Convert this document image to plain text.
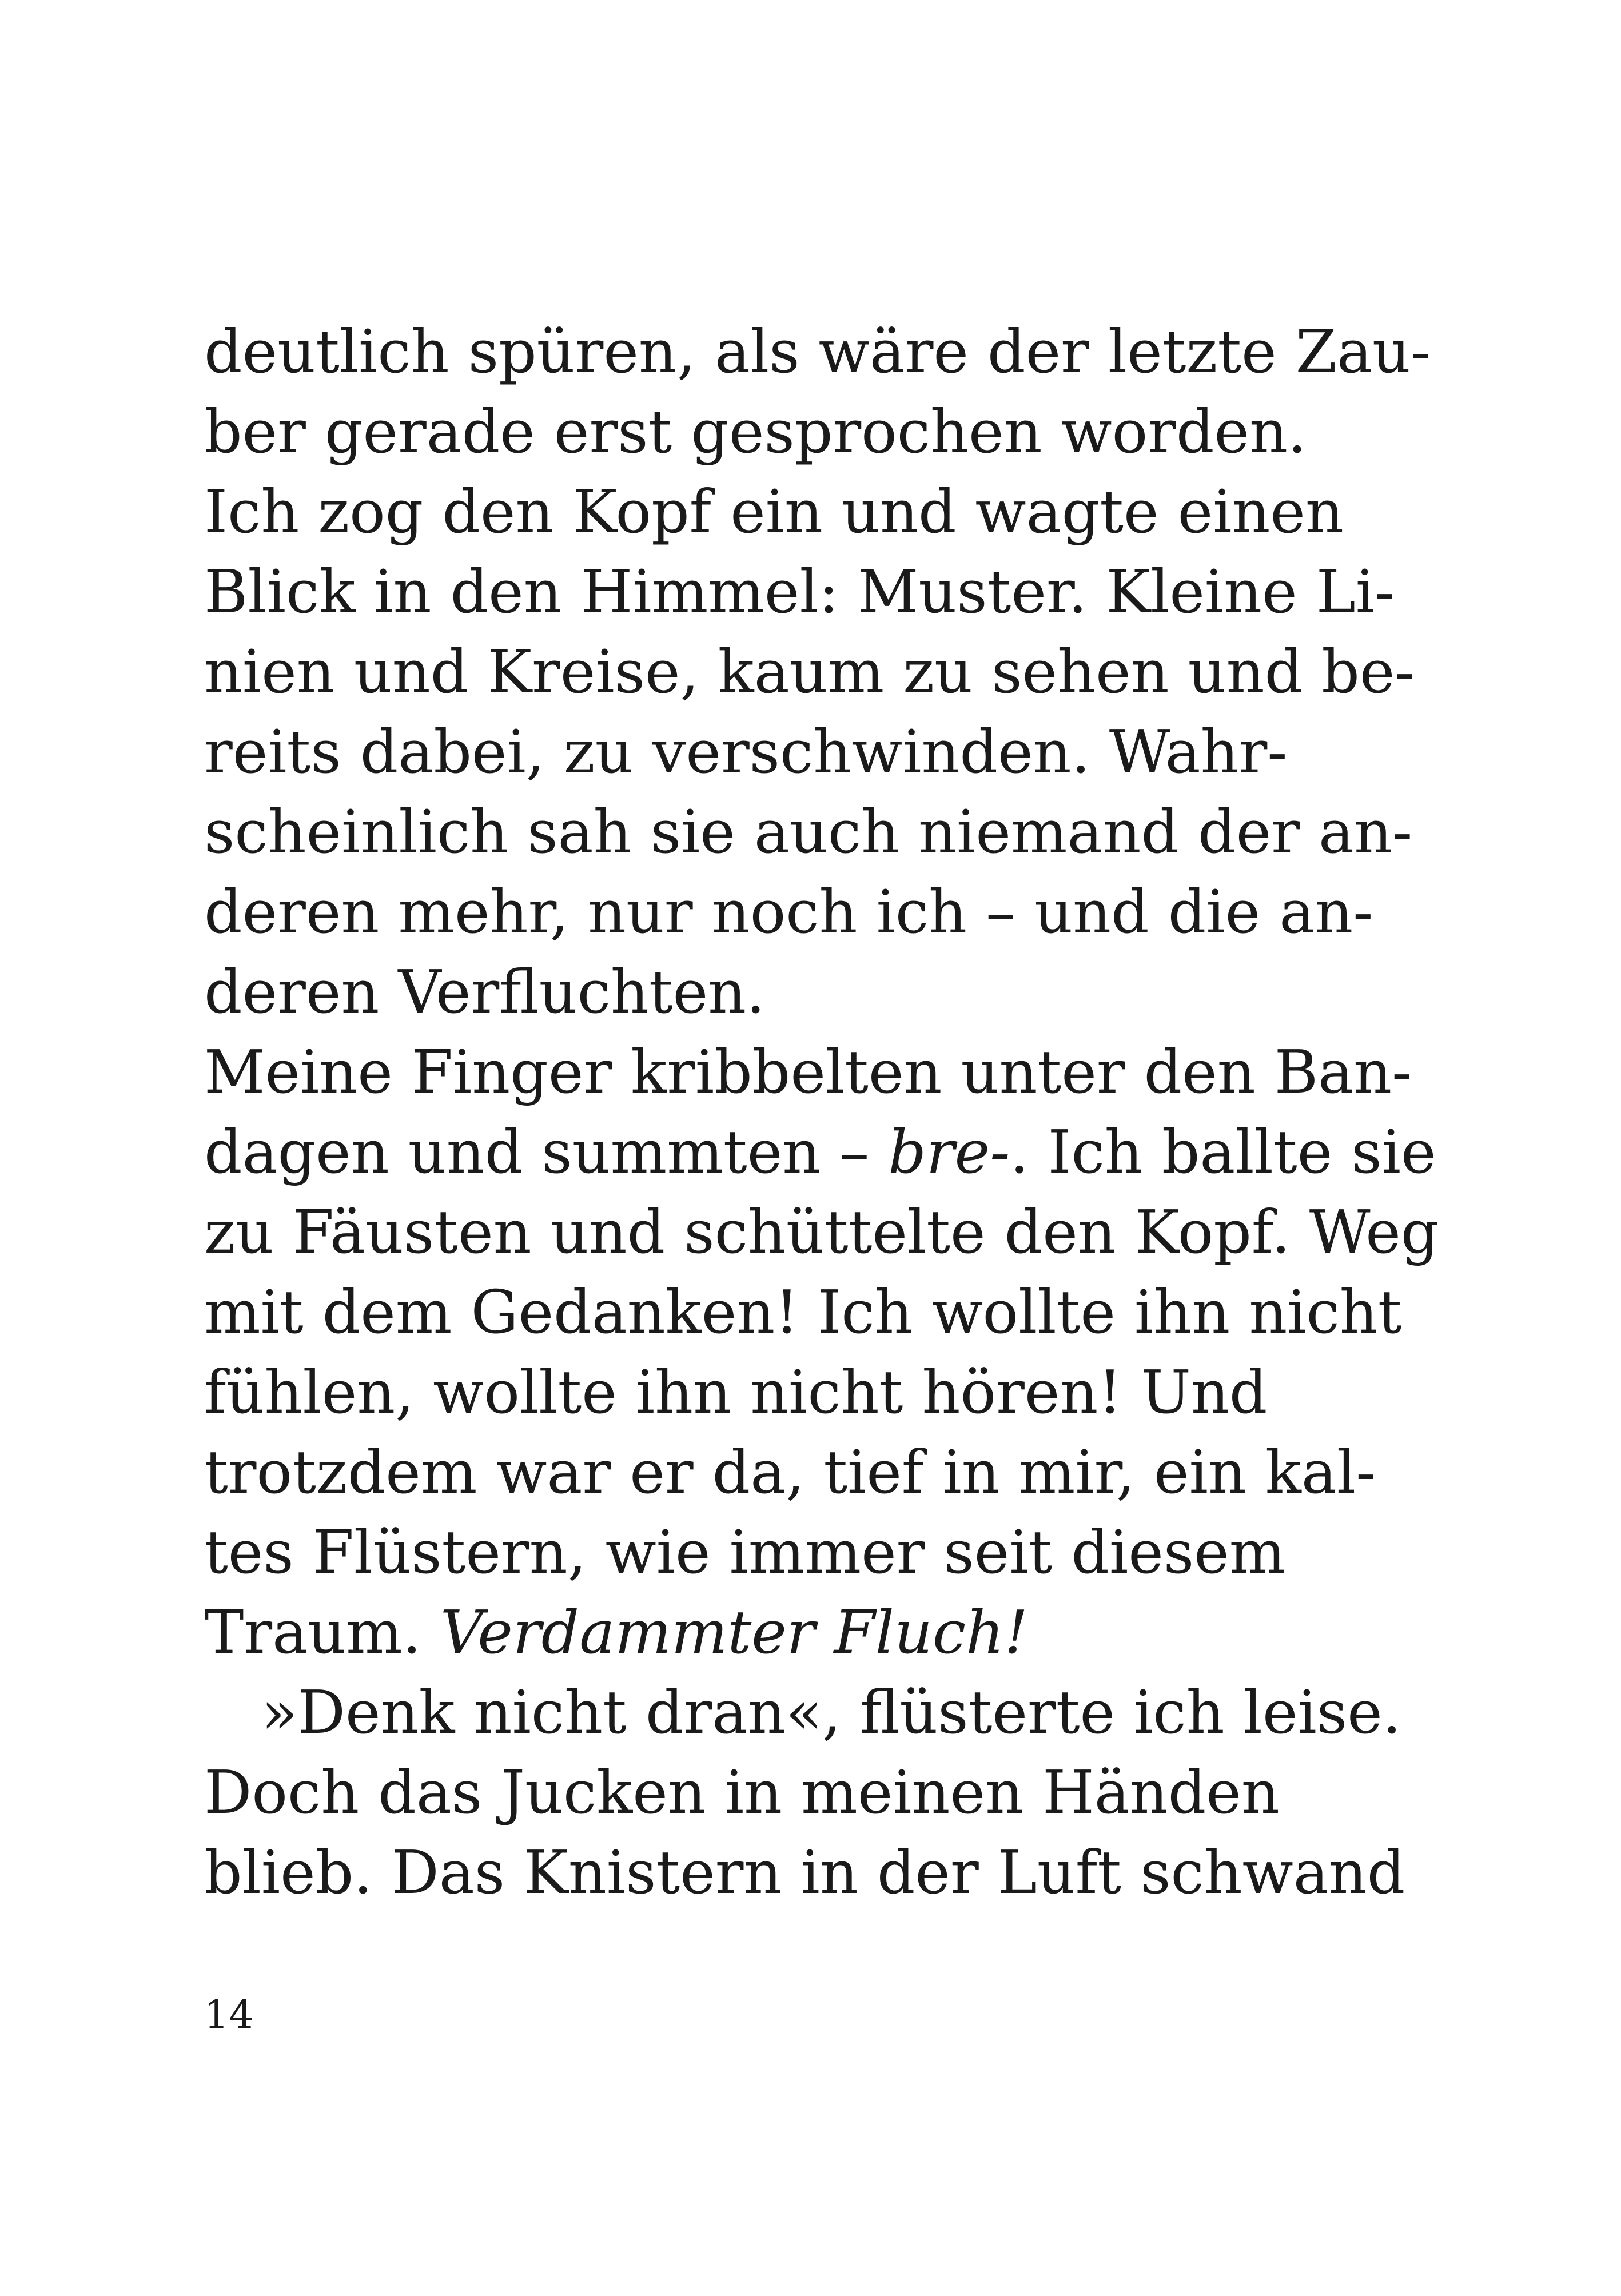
deutlich spüren, als wäre der letzte Zau-
ber gerade erst gesprochen worden.
Ich zog den Kopf ein und wagte einen
Blick in den Himmel: Muster. Kleine Li-
nien und Kreise, kaum zu sehen und be-
reits dabei, zu verschwinden. Wahr-
scheinlich sah sie auch niemand der an-
deren mehr, nur noch ich – und die an-
deren Verfluchten.
Meine Finger kribbelten unter den Ban-
dagen und summten – bre-. Ich ballte sie
zu Fäusten und schüttelte den Kopf. Weg
mit dem Gedanken! Ich wollte ihn nicht
fühlen, wollte ihn nicht hören! Und
trotzdem war er da, tief in mir, ein kal-
tes Flüstern, wie immer seit diesem
Traum. Verdammter Fluch!
»Denk nicht dran«, flüsterte ich leise.
Doch das Jucken in meinen Händen
blieb. Das Knistern in der Luft schwand
14
